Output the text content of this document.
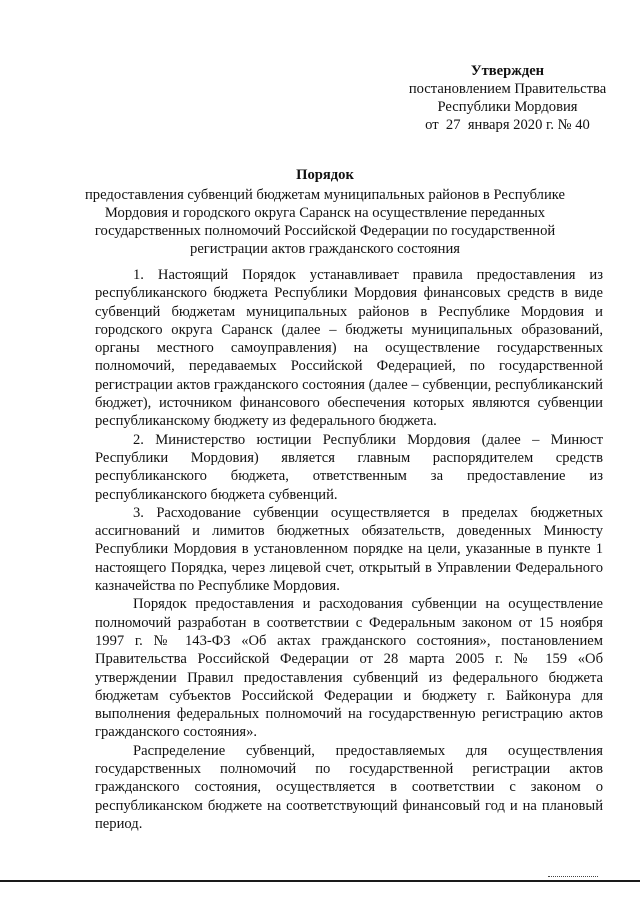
Утвержден
постановлением Правительства
Республики Мордовия
от  27  января 2020 г. № 40
Порядок
предоставления субвенций бюджетам муниципальных районов в Республике Мордовия и городского округа Саранск на осуществление переданных государственных полномочий Российской Федерации по государственной регистрации актов гражданского состояния

1. Настоящий Порядок устанавливает правила предоставления из республиканского бюджета Республики Мордовия финансовых средств в виде субвенций бюджетам муниципальных районов в Республике Мордовия и городского округа Саранск (далее – бюджеты муниципальных образований, органы местного самоуправления) на осуществление государственных полномочий, передаваемых Российской Федерацией, по государственной регистрации актов гражданского состояния (далее – субвенции, республиканский бюджет), источником финансового обеспечения которых являются субвенции республиканскому бюджету из федерального бюджета.

2. Министерство юстиции Республики Мордовия (далее – Минюст Республики Мордовия) является главным распорядителем средств республиканского бюджета, ответственным за предоставление из республиканского бюджета субвенций.

3. Расходование субвенции осуществляется в пределах бюджетных ассигнований и лимитов бюджетных обязательств, доведенных Минюсту Республики Мордовия в установленном порядке на цели, указанные в пункте 1 настоящего Порядка, через лицевой счет, открытый в Управлении Федерального казначейства по Республике Мордовия.

Порядок предоставления и расходования субвенции на осуществление полномочий разработан в соответствии с Федеральным законом от 15 ноября 1997 г. № 143-ФЗ «Об актах гражданского состояния», постановлением Правительства Российской Федерации от 28 марта 2005 г. № 159 «Об утверждении Правил предоставления субвенций из федерального бюджета бюджетам субъектов Российской Федерации и бюджету г. Байконура для выполнения федеральных полномочий на государственную регистрацию актов гражданского состояния».

Распределение субвенций, предоставляемых для осуществления государственных полномочий по государственной регистрации актов гражданского состояния, осуществляется в соответствии с законом о республиканском бюджете на соответствующий финансовый год и на плановый период.
